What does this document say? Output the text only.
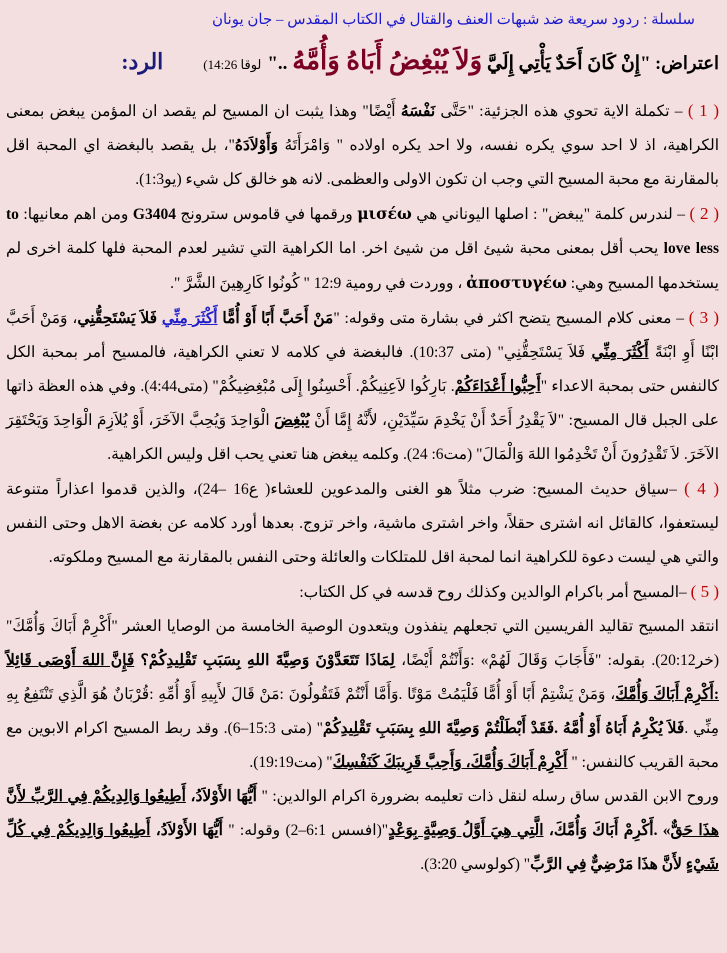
سلسلة : ردود سريعة ضد شبهات العنف والقتال في الكتاب المقدس – جان يونان
اعتراض: "إِنْ كَانَ أَحَدٌ يَأْتِي إِلَيَّ وَلاَ يُبْغِضُ أَبَاهُ وَأُمَّهُ .."لوقا 14:26)الرد:

( 1 ) – تكملة الاية تحوي هذه الجزئية: "حَتَّى نَفْسَهُ أَيْضًا" وهذا يثبت ان المسيح لم يقصد ان المؤمن يبغض بمعنى الكراهية، اذ لا احد سوي يكره نفسه، ولا احد يكره اولاده " وَامْرَأَتَهُ وَأَوْلاَدَهُ"، بل يقصد بالبغضة اي المحبة اقل بالمقارنة مع محبة المسيح التي وجب ان تكون الاولى والعظمى. لانه هو خالق كل شيء (يو1:3).

( 2 ) – لندرس كلمة "يبغض" : اصلها اليوناني هي μισέω ورقمها في قاموس سترونج G3404 ومن اهم معانيها: to love less يحب أقل بمعنى محبة شيئ اقل من شيئ اخر. اما الكراهية التي تشير لعدم المحبة فلها كلمة اخرى لم يستخدمها المسيح وهي: ἀποστυγέω ، ووردت في رومية 12:9 " كُونُوا كَارِهِينَ الشَّرَّ ".

( 3 ) – معنى كلام المسيح يتضح اكثر في بشارة متى وقوله: "مَنْ أَحَبَّ أَبًا أَوْ أُمًّا أَكْثَرَ مِنِّي فَلاَ يَسْتَحِقُّنِي، وَمَنْ أَحَبَّ ابْنًا أَوِ ابْنَةً أَكْثَرَ مِنِّي فَلاَ يَسْتَحِقُّنِي" (متى 10:37). فالبغضة في كلامه لا تعني الكراهية، فالمسيح أمر بمحبة الكل كالنفس حتى بمحبة الاعداء "أَحِبُّوا أَعْدَاءَكُمْ. بَارِكُوا لاَعِنِيكُمْ. أَحْسِنُوا إِلَى مُبْغِضِيكُمْ" (متى4:44). وفي هذه العظة ذاتها على الجبل قال المسيح: "لاَ يَقْدِرُ أَحَدٌ أَنْ يَخْدِمَ سَيِّدَيْنِ، لأَنَّهُ إِمَّا أَنْ يُبْغِضَ الْوَاحِدَ وَيُحِبَّ الآخَرَ، أَوْ يُلاَزِمَ الْوَاحِدَ وَيَحْتَقِرَ الآخَرَ. لاَ تَقْدِرُونَ أَنْ تَخْدِمُوا اللهَ وَالْمَالَ" (مت6: 24). وكلمه يبغض هنا تعني يحب اقل وليس الكراهية.

( 4 ) –سياق حديث المسيح: ضرب مثلاً هو الغنى والمدعوين للعشاء( ع16 –24)، والذين قدموا اعذاراً متنوعة ليستعفوا، كالقائل انه اشترى حقلاً، واخر اشترى ماشية، واخر تزوج. بعدها أورد كلامه عن بغضة الاهل وحتى النفس والتي هي ليست دعوة للكراهية انما لمحبة اقل للمتلكات والعائلة وحتى النفس بالمقارنة مع المسيح وملكوته.

( 5 ) –المسيح أمر باكرام الوالدين وكذلك روح قدسه في كل الكتاب:

انتقد المسيح تقاليد الفريسين التي تجعلهم ينفذون ويتعدون الوصية الخامسة من الوصايا العشر "أَكْرِمْ أَبَاكَ وَأُمَّكَ" (خر20:12). بقوله: "فَأَجَابَ وَقَالَ لَهُمْ» :وَأَنْتُمْ أَيْضًا، لِمَاذَا تَتَعَدَّوْنَ وَصِيَّةَ اللهِ بِسَبَبِ تَقْلِيدِكُمْ؟ فَإِنَّ اللهَ أَوْصَى قَائِلاً :أَكْرِمْ أَبَاكَ وَأُمَّكَ، وَمَنْ يَشْتِمْ أَبًا أَوْ أُمًّا فَلْيَمُتْ مَوْتًا .وَأَمَّا أَنْتُمْ فَتَقُولُونَ :مَنْ قَالَ لأَبِيهِ أَوْ أُمِّهِ :قُرْبَانٌ هُوَ الَّذِي تَنْتَفِعُ بِهِ مِنِّي .فَلاَ يُكْرِمُ أَبَاهُ أَوْ أُمَّهُ .فَقَدْ أَبْطَلْتُمْ وَصِيَّةَ اللهِ بِسَبَبِ تَقْلِيدِكُمْ" (متى 15:3–6). وقد ربط المسيح اكرام الابوين مع محبة القريب كالنفس: " أَكْرِمْ أَبَاكَ وَأُمَّكَ، وَأَحِبَّ قَرِيبَكَ كَنَفْسِكَ" (مت19:19).

وروح الابن القدس ساق رسله لنقل ذات تعليمه بضرورة اكرام الوالدين: " أَيُّهَا الأَوْلاَدُ، أَطِيعُوا وَالِدِيكُمْ فِي الرَّبِّ لأَنَّ هذَا حَقٌّ» .أَكْرِمْ أَبَاكَ وَأُمَّكَ، الَّتِي هِيَ أَوَّلُ وَصِيَّةٍ بِوَعْدٍ"(افسس 6:1–2) وقوله: " أَيُّهَا الأَوْلاَدُ، أَطِيعُوا وَالِدِيكُمْ فِي كُلِّ شَيْءٍ لأَنَّ هذَا مَرْضِيٌّ فِي الرَّبِّ" (كولوسي 3:20).
